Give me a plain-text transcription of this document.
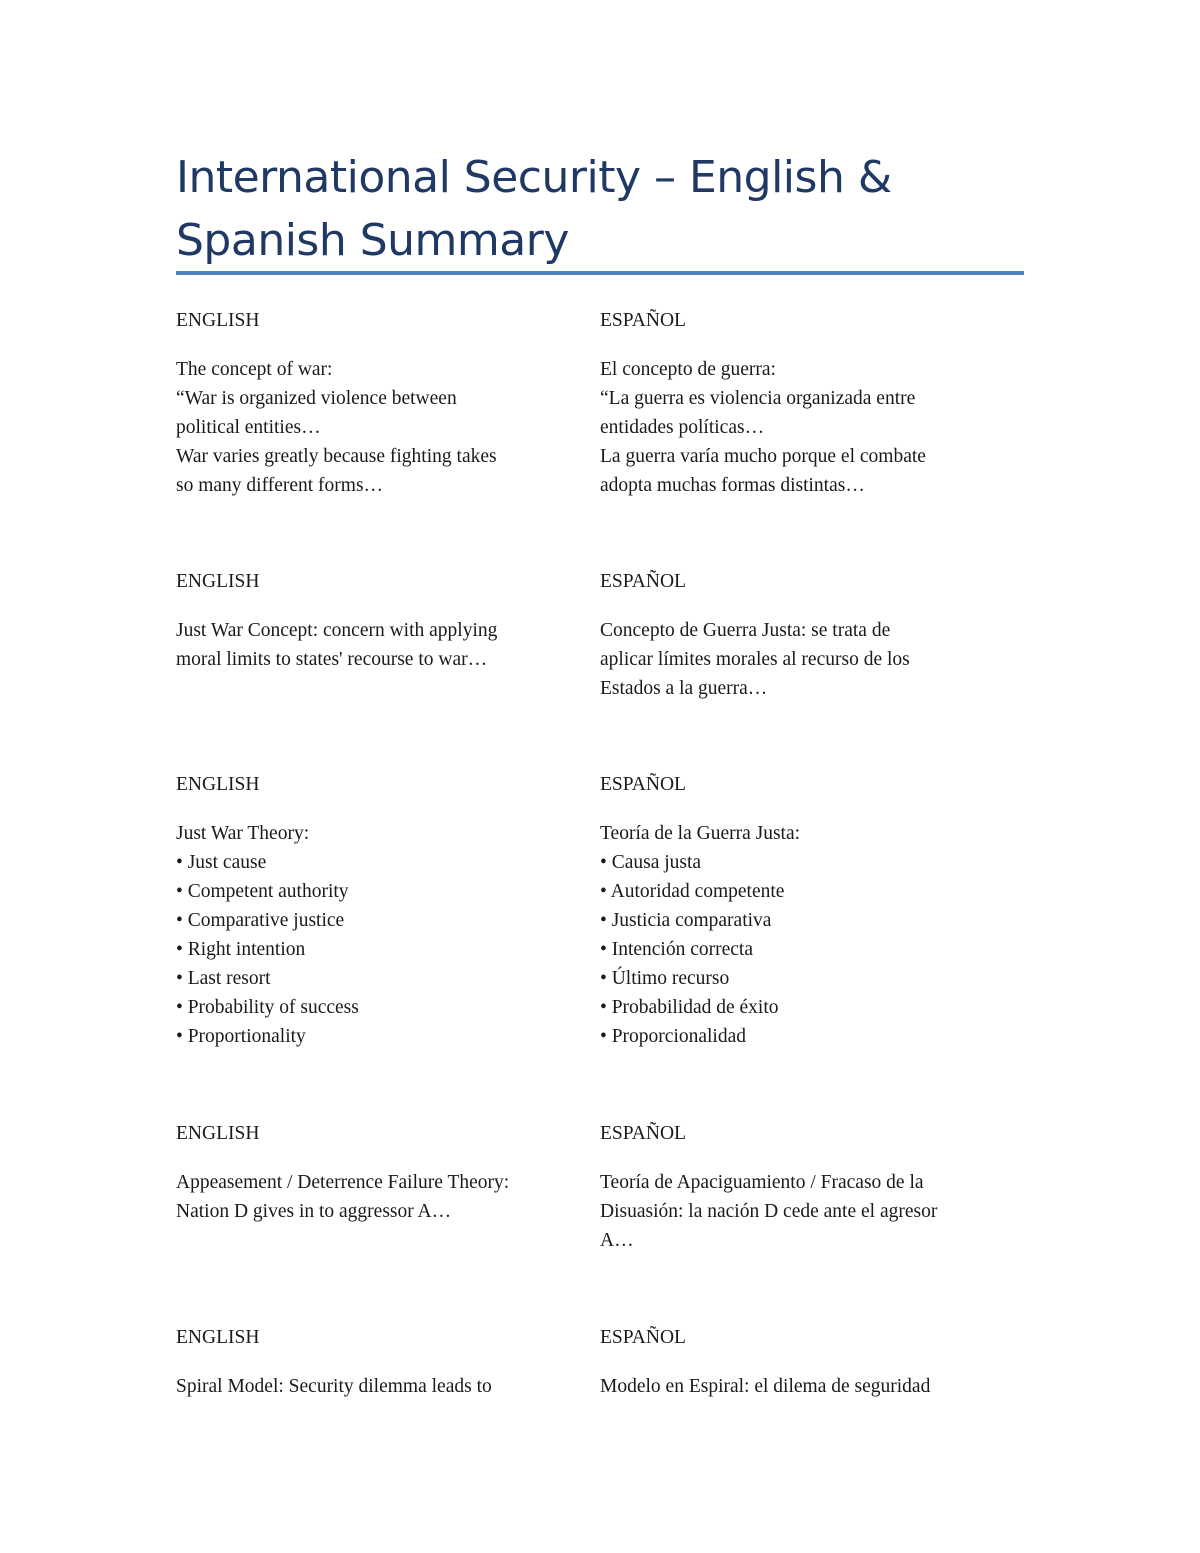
International Security – English &
Spanish Summary
ENGLISH
The concept of war:
“War is organized violence between
political entities…
War varies greatly because fighting takes
so many different forms…
ESPAÑOL
El concepto de guerra:
“La guerra es violencia organizada entre
entidades políticas…
La guerra varía mucho porque el combate
adopta muchas formas distintas…
ENGLISH
Just War Concept: concern with applying
moral limits to states' recourse to war…
ESPAÑOL
Concepto de Guerra Justa: se trata de
aplicar límites morales al recurso de los
Estados a la guerra…
ENGLISH
Just War Theory:
• Just cause
• Competent authority
• Comparative justice
• Right intention
• Last resort
• Probability of success
• Proportionality
ESPAÑOL
Teoría de la Guerra Justa:
• Causa justa
• Autoridad competente
• Justicia comparativa
• Intención correcta
• Último recurso
• Probabilidad de éxito
• Proporcionalidad
ENGLISH
Appeasement / Deterrence Failure Theory:
Nation D gives in to aggressor A…
ESPAÑOL
Teoría de Apaciguamiento / Fracaso de la
Disuasión: la nación D cede ante el agresor
A…
ENGLISH
Spiral Model: Security dilemma leads to
ESPAÑOL
Modelo en Espiral: el dilema de seguridad
